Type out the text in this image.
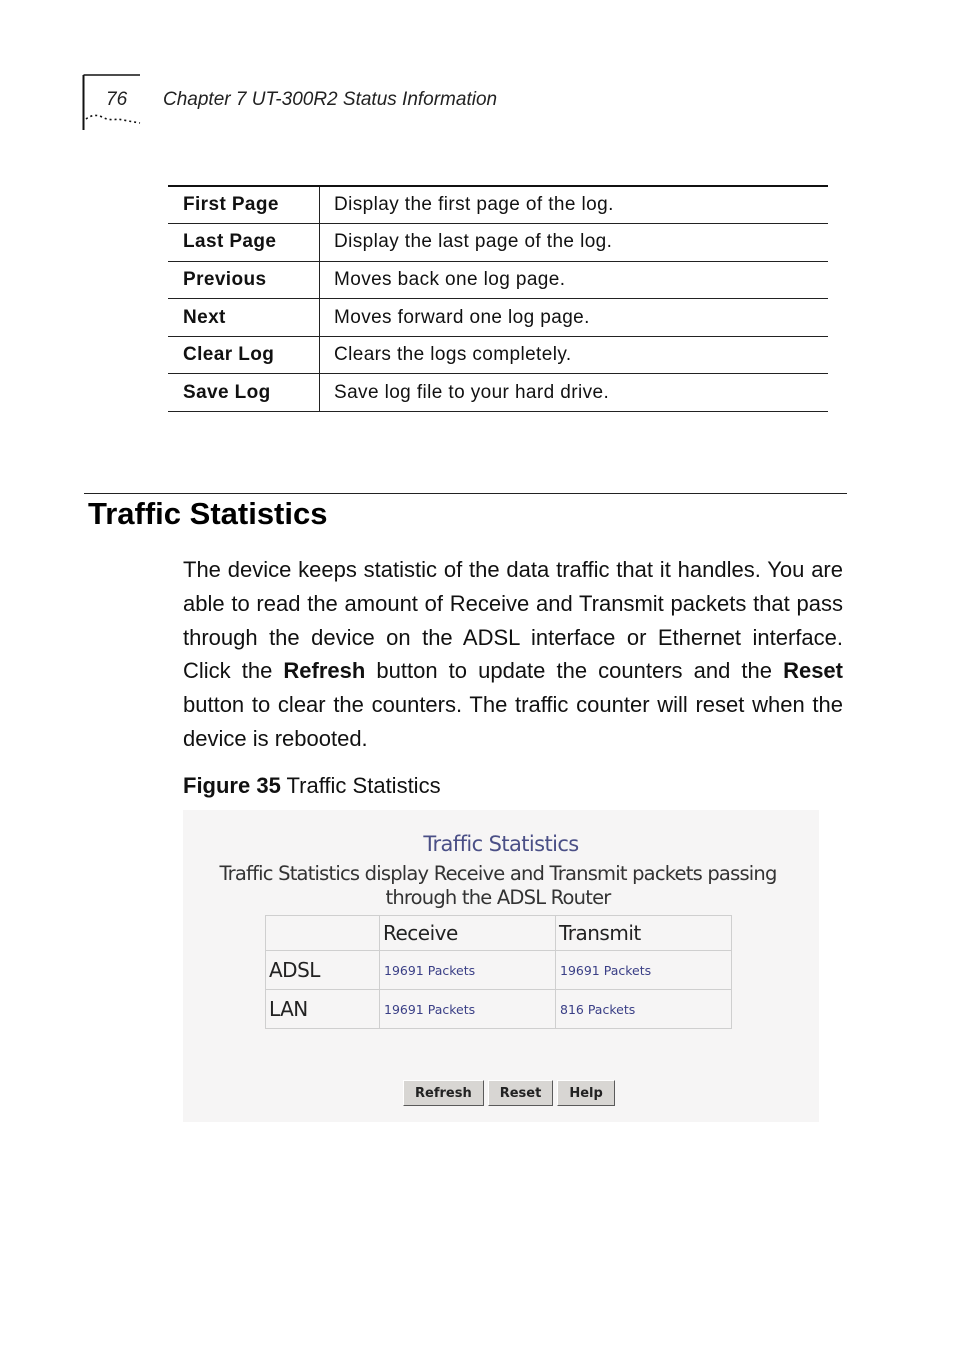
76 Chapter 7 UT-300R2 Status Information
First Page	Display the first page of the log.
Last Page	Display the last page of the log.
Previous	Moves back one log page.
Next	Moves forward one log page.
Clear Log	Clears the logs completely.
Save Log	Save log file to your hard drive.
Traffic Statistics

The device keeps statistic of the data traffic that it handles. You are able to read the amount of Receive and Transmit packets that pass through the device on the ADSL interface or Ethernet interface. Click the Refresh button to update the counters and the Reset button to clear the counters. The traffic counter will reset when the device is rebooted.

Figure 35 Traffic Statistics
Traffic Statistics
Traffic Statistics display Receive and Transmit packets passing through the ADSL Router
	Receive	Transmit
ADSL	19691 Packets	19691 Packets
LAN	19691 Packets	816 Packets
Refresh	Reset	Help
